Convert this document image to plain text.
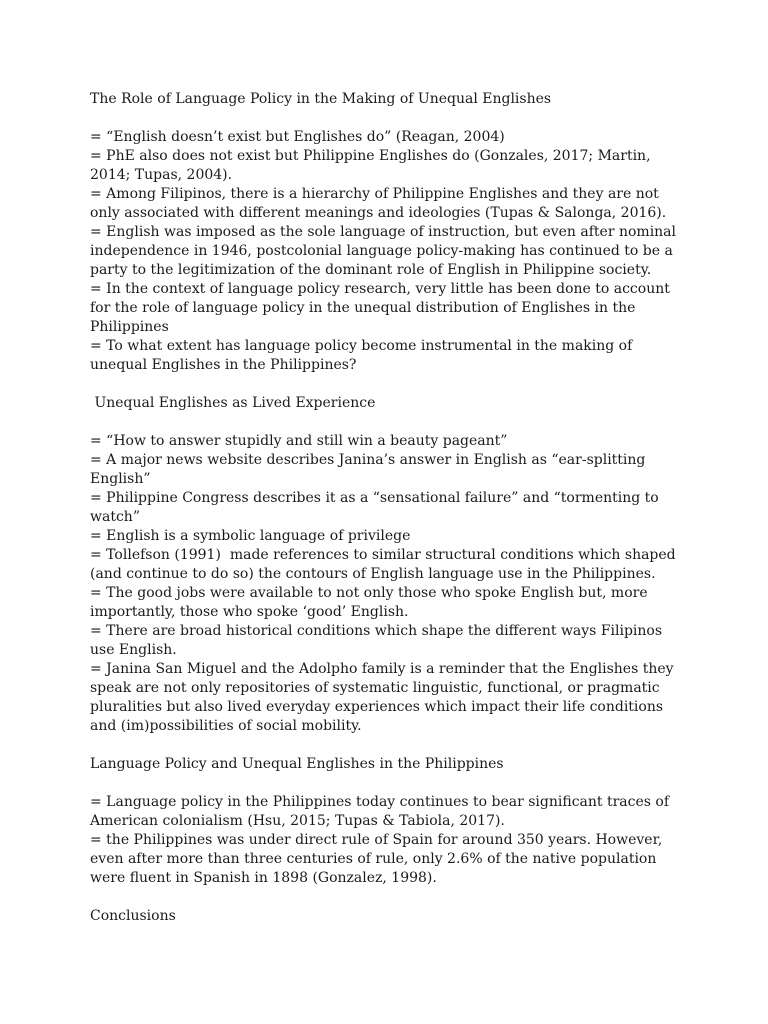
The Role of Language Policy in the Making of Unequal Englishes

= “English doesn’t exist but Englishes do” (Reagan, 2004)

= PhE also does not exist but Philippine Englishes do (Gonzales, 2017; Martin, 2014; Tupas, 2004).

= Among Filipinos, there is a hierarchy of Philippine Englishes and they are not only associated with different meanings and ideologies (Tupas & Salonga, 2016).

= English was imposed as the sole language of instruction, but even after nominal independence in 1946, postcolonial language policy-making has continued to be a party to the legitimization of the dominant role of English in Philippine society.

= In the context of language policy research, very little has been done to account for the role of language policy in the unequal distribution of Englishes in the Philippines

= To what extent has language policy become instrumental in the making of unequal Englishes in the Philippines?

Unequal Englishes as Lived Experience

= “How to answer stupidly and still win a beauty pageant”

= A major news website describes Janina’s answer in English as “ear-splitting English”

= Philippine Congress describes it as a “sensational failure” and “tormenting to watch”

= English is a symbolic language of privilege

= Tollefson (1991)  made references to similar structural conditions which shaped (and continue to do so) the contours of English language use in the Philippines.

= The good jobs were available to not only those who spoke English but, more importantly, those who spoke ‘good’ English.

= There are broad historical conditions which shape the different ways Filipinos use English.

= Janina San Miguel and the Adolpho family is a reminder that the Englishes they speak are not only repositories of systematic linguistic, functional, or pragmatic pluralities but also lived everyday experiences which impact their life conditions and (im)possibilities of social mobility.

Language Policy and Unequal Englishes in the Philippines

= Language policy in the Philippines today continues to bear significant traces of American colonialism (Hsu, 2015; Tupas & Tabiola, 2017).

= the Philippines was under direct rule of Spain for around 350 years. However, even after more than three centuries of rule, only 2.6% of the native population were fluent in Spanish in 1898 (Gonzalez, 1998).

Conclusions
